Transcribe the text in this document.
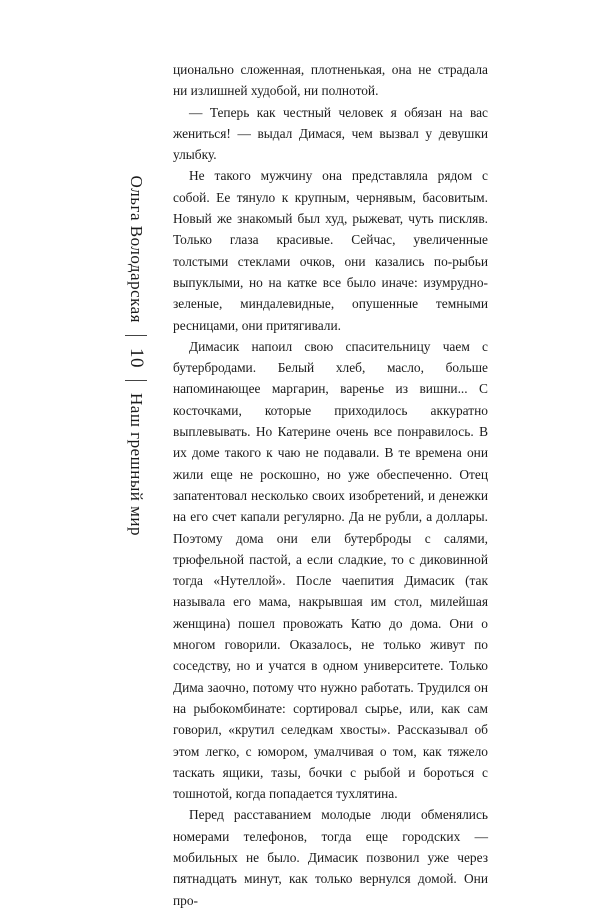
Ольга Володарская
10
Наш грешный мир

ционально сложенная, плотненькая, она не страдала ни излишней худобой, ни полнотой.

— Теперь как честный человек я обязан на вас жениться! — выдал Димася, чем вызвал у девушки улыбку.

Не такого мужчину она представляла рядом с собой. Ее тянуло к крупным, чернявым, басовитым. Новый же знакомый был худ, рыжеват, чуть пискляв. Только глаза красивые. Сейчас, увеличенные толстыми стеклами очков, они казались по-рыбьи выпуклыми, но на катке все было иначе: изумрудно-зеленые, миндалевидные, опушенные темными ресницами, они притягивали.

Димасик напоил свою спасительницу чаем с бутербродами. Белый хлеб, масло, больше напоминающее маргарин, варенье из вишни... С косточками, которые приходилось аккуратно выплевывать. Но Катерине очень все понравилось. В их доме такого к чаю не подавали. В те времена они жили еще не роскошно, но уже обеспеченно. Отец запатентовал несколько своих изобретений, и денежки на его счет капали регулярно. Да не рубли, а доллары. Поэтому дома они ели бутерброды с салями, трюфельной пастой, а если сладкие, то с диковинной тогда «Нутеллой». После чаепития Димасик (так называла его мама, накрывшая им стол, милейшая женщина) пошел провожать Катю до дома. Они о многом говорили. Оказалось, не только живут по соседству, но и учатся в одном университете. Только Дима заочно, потому что нужно работать. Трудился он на рыбокомбинате: сортировал сырье, или, как сам говорил, «крутил селедкам хвосты». Рассказывал об этом легко, с юмором, умалчивая о том, как тяжело таскать ящики, тазы, бочки с рыбой и бороться с тошнотой, когда попадается тухлятина.

Перед расставанием молодые люди обменялись номерами телефонов, тогда еще городских — мобильных не было. Димасик позвонил уже через пятнадцать минут, как только вернулся домой. Они про-
